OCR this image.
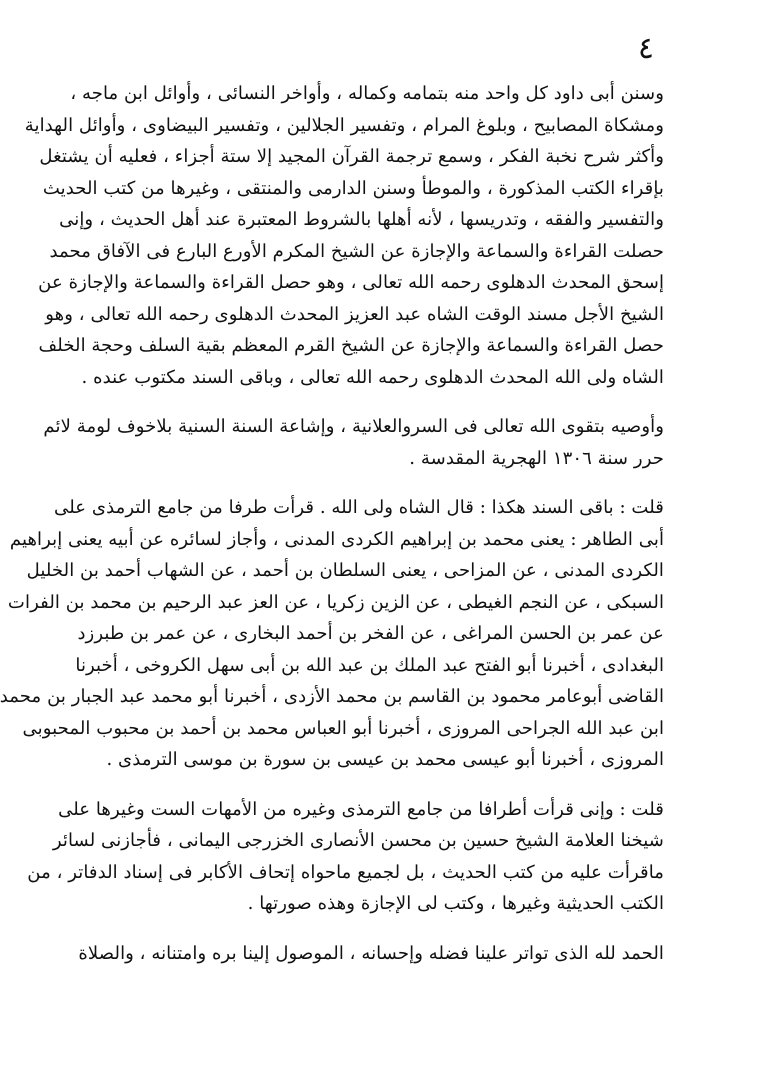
٤
وسنن أبى داود كل واحد منه بتمامه وكماله ، وأواخر النسائى ، وأوائل ابن ماجه ،
ومشكاة المصابيح ، وبلوغ المرام ، وتفسير الجلالين ، وتفسير البيضاوى ، وأوائل الهداية
وأكثر شرح نخبة الفكر ، وسمع ترجمة القرآن المجيد إلا ستة أجزاء ، فعليه أن يشتغل
بإقراء الكتب المذكورة ، والموطأ وسنن الدارمى والمنتقى ، وغيرها من كتب الحديث
والتفسير والفقه ، وتدريسها ، لأنه أهلها بالشروط المعتبرة عند أهل الحديث ، وإنى
حصلت القراءة والسماعة والإجازة عن الشيخ المكرم الأورع البارع فى الآفاق محمد
إسحق المحدث الدهلوى رحمه الله تعالى ، وهو حصل القراءة والسماعة والإجازة عن
الشيخ الأجل مسند الوقت الشاه عبد العزيز المحدث الدهلوى رحمه الله تعالى ، وهو
حصل القراءة والسماعة والإجازة عن الشيخ القرم المعظم بقية السلف وحجة الخلف
الشاه ولى الله المحدث الدهلوى رحمه الله تعالى ، وباقى السند مكتوب عنده .
وأوصيه بتقوى الله تعالى فى السروالعلانية ، وإشاعة السنة السنية بلاخوف لومة لائم
حرر سنة ١٣٠٦ الهجرية المقدسة .
قلت : باقى السند هكذا : قال الشاه ولى الله . قرأت طرفا من جامع الترمذى على
أبى الطاهر : يعنى محمد بن إبراهيم الكردى المدنى ، وأجاز لسائره عن أبيه يعنى إبراهيم
الكردى المدنى ، عن المزاحى ، يعنى السلطان بن أحمد ، عن الشهاب أحمد بن الخليل
السبكى ، عن النجم الغيطى ، عن الزين زكريا ، عن العز عبد الرحيم بن محمد بن الفرات
عن عمر بن الحسن المراغى ، عن الفخر بن أحمد البخارى ، عن عمر بن طبرزد
البغدادى ، أخبرنا أبو الفتح عبد الملك بن عبد الله بن أبى سهل الكروخى ، أخبرنا
القاضى أبوعامر محمود بن القاسم بن محمد الأزدى ، أخبرنا أبو محمد عبد الجبار بن محمد
ابن عبد الله الجراحى المروزى ، أخبرنا أبو العباس محمد بن أحمد بن محبوب المحبوبى
المروزى ، أخبرنا أبو عيسى محمد بن عيسى بن سورة بن موسى الترمذى .
قلت : وإنى قرأت أطرافا من جامع الترمذى وغيره من الأمهات الست وغيرها على
شيخنا العلامة الشيخ حسين بن محسن الأنصارى الخزرجى اليمانى ، فأجازنى لسائر
ماقرأت عليه من كتب الحديث ، بل لجميع ماحواه إتحاف الأكابر فى إسناد الدفاتر ، من
الكتب الحديثية وغيرها ، وكتب لى الإجازة وهذه صورتها .
الحمد لله الذى تواتر علينا فضله وإحسانه ، الموصول إلينا بره وامتنانه ، والصلاة
